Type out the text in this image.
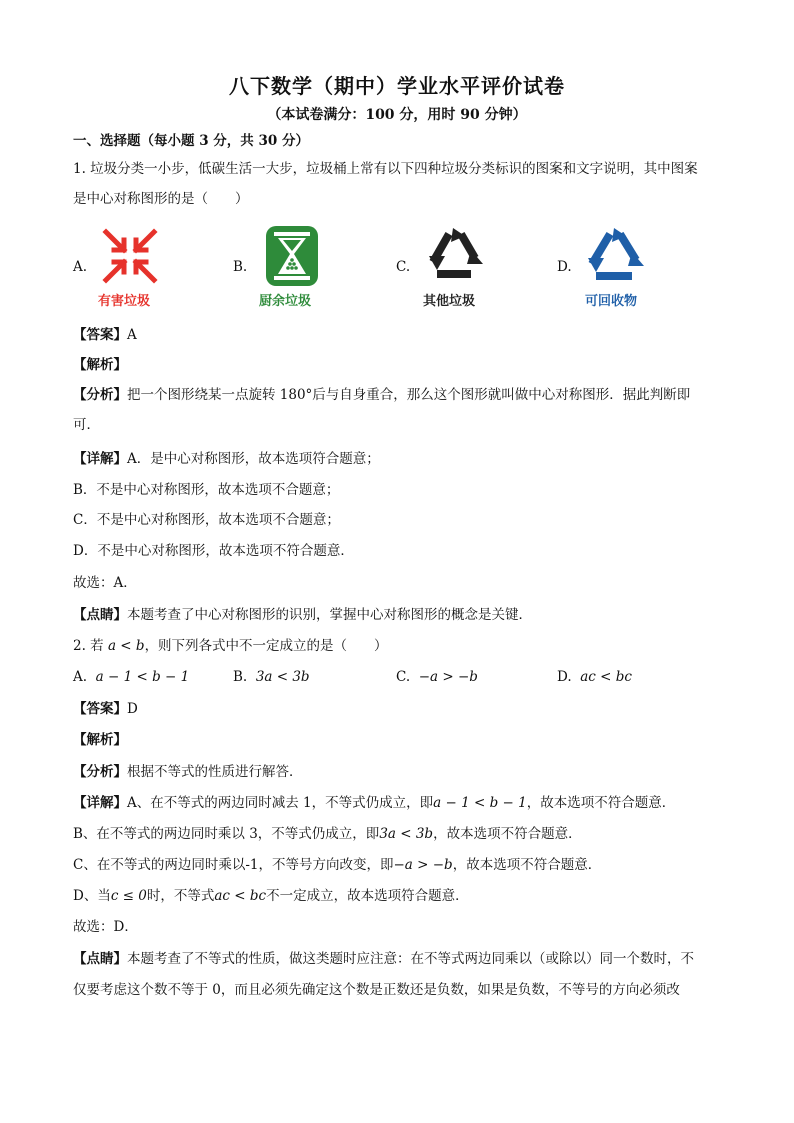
八下数学（期中）学业水平评价试卷
（本试卷满分：100 分，用时 90 分钟）
一、选择题（每小题 3 分，共 30 分）
1. 垃圾分类一小步，低碳生活一大步，垃圾桶上常有以下四种垃圾分类标识的图案和文字说明，其中图案
是中心对称图形的是（　　）
A.
有害垃圾
B.
厨余垃圾
C.
其他垃圾
D.
可回收物
【答案】A
【解析】
【分析】把一个图形绕某一点旋转 180°后与自身重合，那么这个图形就叫做中心对称图形．据此判断即
可．
【详解】A．是中心对称图形，故本选项符合题意；
B．不是中心对称图形，故本选项不合题意；
C．不是中心对称图形，故本选项不合题意；
D．不是中心对称图形，故本选项不符合题意．
故选：A．
【点睛】本题考查了中心对称图形的识别，掌握中心对称图形的概念是关键．
2. 若 a < b，则下列各式中不一定成立的是（　　）
A. a − 1 < b − 1	B. 3a < 3b	C. −a > −b	D. ac < bc
【答案】D
【解析】
【分析】根据不等式的性质进行解答．
【详解】A、在不等式的两边同时减去 1，不等式仍成立，即a − 1 < b − 1，故本选项不符合题意．
B、在不等式的两边同时乘以 3，不等式仍成立，即3a < 3b，故本选项不符合题意．
C、在不等式的两边同时乘以-1，不等号方向改变，即−a > −b，故本选项不符合题意．
D、当c ≤ 0时，不等式ac < bc不一定成立，故本选项符合题意．
故选：D．
【点睛】本题考查了不等式的性质，做这类题时应注意：在不等式两边同乘以（或除以）同一个数时，不
仅要考虑这个数不等于 0，而且必须先确定这个数是正数还是负数，如果是负数，不等号的方向必须改
